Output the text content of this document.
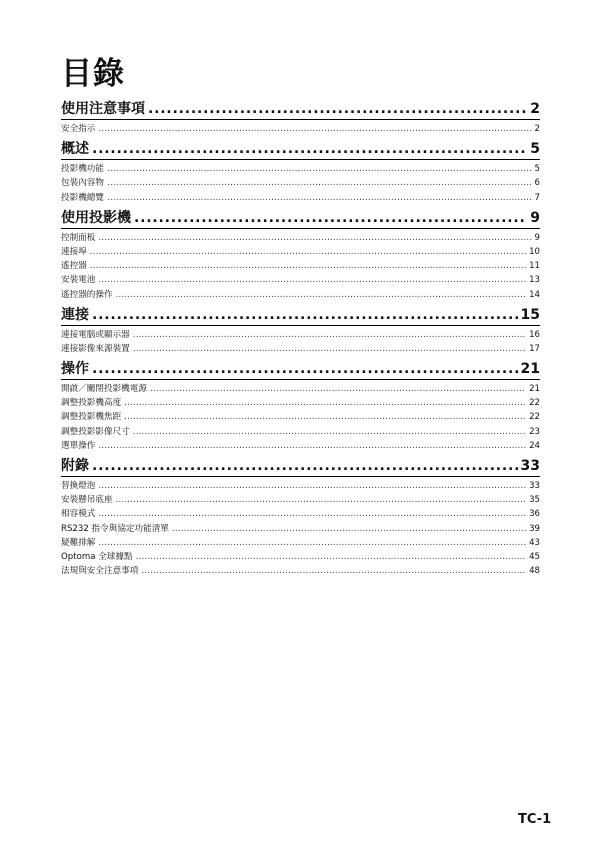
目錄
使用注意事項 .....	2
安全指示 .....	2
概述 .....	5
投影機功能 .....	5
包裝內容物 .....	6
投影機總覽 .....	7
使用投影機 .....	9
控制面板 .....	9
連接埠 .....	10
遙控器 .....	11
安裝電池 .....	13
遙控器的操作 .....	14
連接 .....	15
連接電腦或顯示器 .....	16
連接影像來源裝置 .....	17
操作 .....	21
開啟／關閉投影機電源 .....	21
調整投影機高度 .....	22
調整投影機焦距 .....	22
調整投影影像尺寸 .....	23
選單操作 .....	24
附錄 .....	33
替換燈泡 .....	33
安裝懸吊底座 .....	35
相容模式 .....	36
RS232 指令與協定功能清單 .....	39
疑難排解 .....	43
Optoma 全球據點 .....	45
法規與安全注意事項 .....	48
TC-1
